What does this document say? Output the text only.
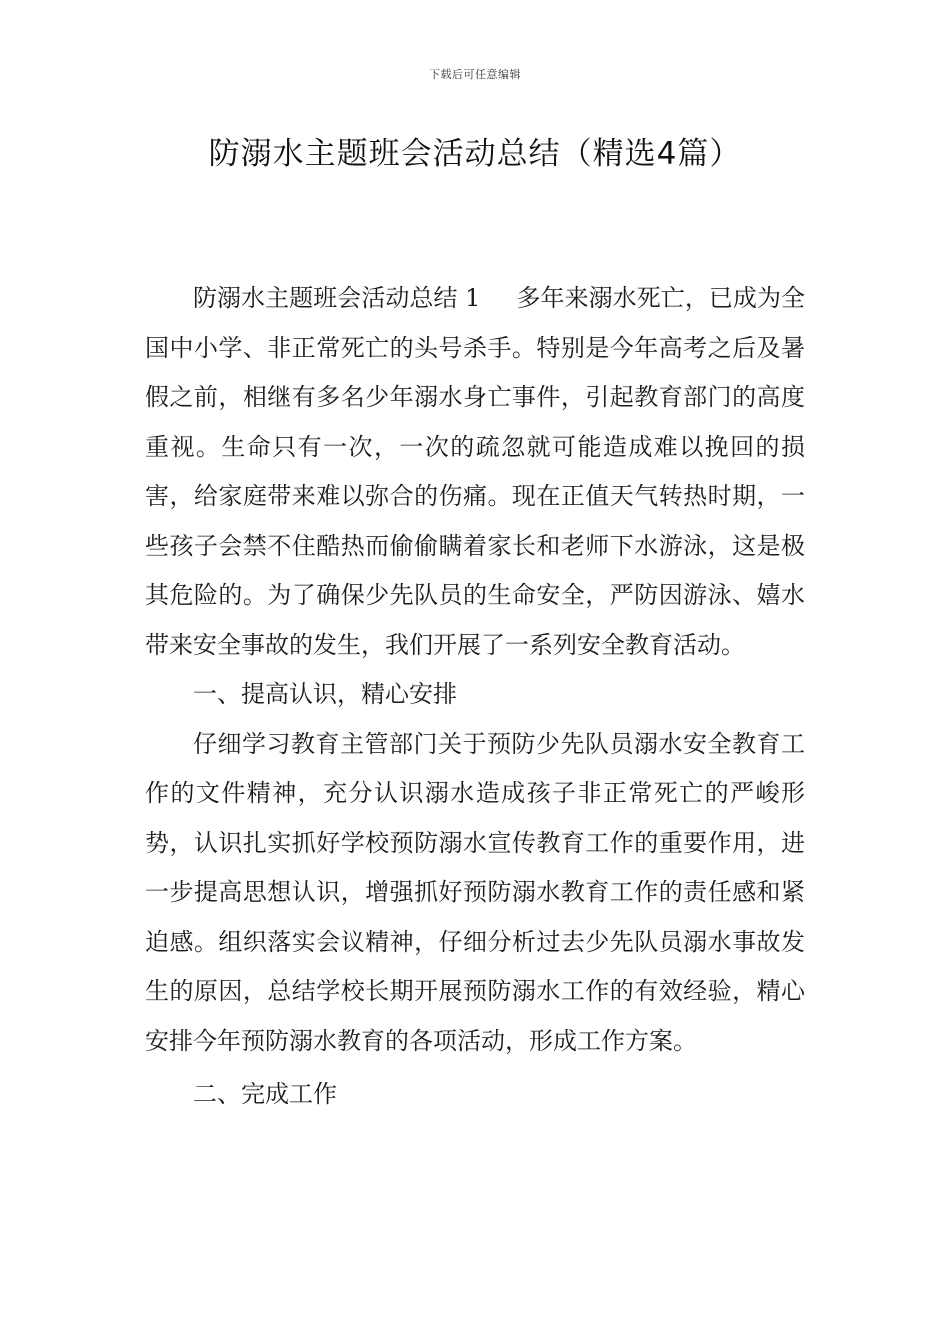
下载后可任意编辑
防溺水主题班会活动总结（精选4篇）

防溺水主题班会活动总结 1 多年来溺水死亡，已成为全国中小学、非正常死亡的头号杀手。特别是今年高考之后及暑假之前，相继有多名少年溺水身亡事件，引起教育部门的高度重视。生命只有一次，一次的疏忽就可能造成难以挽回的损害，给家庭带来难以弥合的伤痛。现在正值天气转热时期，一些孩子会禁不住酷热而偷偷瞒着家长和老师下水游泳，这是极其危险的。为了确保少先队员的生命安全，严防因游泳、嬉水带来安全事故的发生，我们开展了一系列安全教育活动。

一、提高认识，精心安排

仔细学习教育主管部门关于预防少先队员溺水安全教育工作的文件精神，充分认识溺水造成孩子非正常死亡的严峻形势，认识扎实抓好学校预防溺水宣传教育工作的重要作用，进一步提高思想认识，增强抓好预防溺水教育工作的责任感和紧迫感。组织落实会议精神，仔细分析过去少先队员溺水事故发生的原因，总结学校长期开展预防溺水工作的有效经验，精心安排今年预防溺水教育的各项活动，形成工作方案。

二、完成工作
